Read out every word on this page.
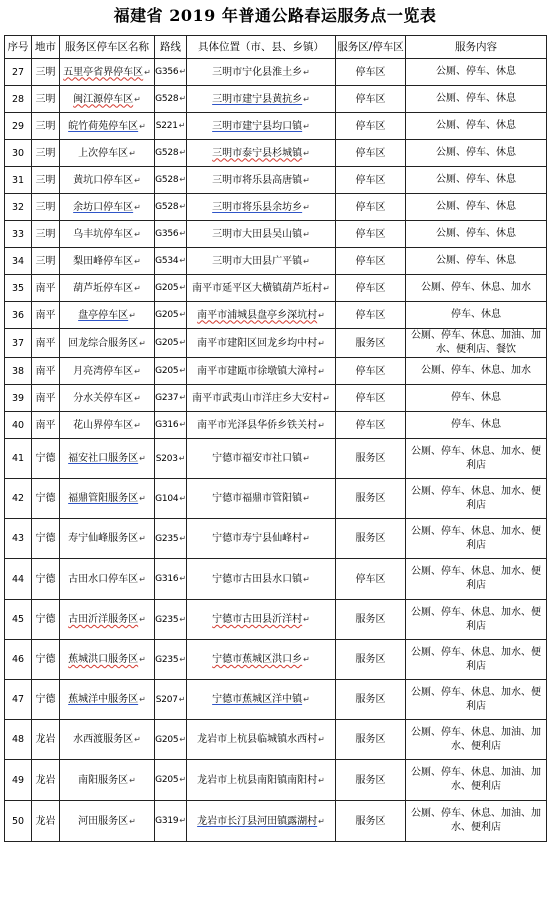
福建省 2019 年普通公路春运服务点一览表
序号	地市	服务区停车区名称	路线	具体位置（市、县、乡镇）	服务区/停车区	服务内容
27	三明	五里亭省界停车区↵	G356↵	三明市宁化县淮土乡↵	停车区	公厕、停车、休息
28	三明	闽江源停车区↵	G528↵	三明市建宁县黄抗乡↵	停车区	公厕、停车、休息
29	三明	皖竹荷苑停车区↵	S221↵	三明市建宁县均口镇↵	停车区	公厕、停车、休息
30	三明	上次停车区↵	G528↵	三明市泰宁县杉城镇↵	停车区	公厕、停车、休息
31	三明	黄坑口停车区↵	G528↵	三明市将乐县高唐镇↵	停车区	公厕、停车、休息
32	三明	余坊口停车区↵	G528↵	三明市将乐县余坊乡↵	停车区	公厕、停车、休息
33	三明	乌丰坑停车区↵	G356↵	三明市大田县吴山镇↵	停车区	公厕、停车、休息
34	三明	梨田峰停车区↵	G534↵	三明市大田县广平镇↵	停车区	公厕、停车、休息
35	南平	葫芦坵停车区↵	G205↵	南平市延平区大横镇葫芦坵村↵	停车区	公厕、停车、休息、加水
36	南平	盘亭停车区↵	G205↵	南平市浦城县盘亭乡深坑村↵	停车区	停车、休息
37	南平	回龙综合服务区↵	G205↵	南平市建阳区回龙乡均中村↵	服务区	公厕、停车、休息、加油、加水、便利店、餐饮
38	南平	月亮湾停车区↵	G205↵	南平市建瓯市徐墩镇大漳村↵	停车区	公厕、停车、休息、加水
39	南平	分水关停车区↵	G237↵	南平市武夷山市洋庄乡大安村↵	停车区	停车、休息
40	南平	花山界停车区↵	G316↵	南平市光泽县华侨乡铁关村↵	停车区	停车、休息
41	宁德	福安社口服务区↵	S203↵	宁德市福安市社口镇↵	服务区	公厕、停车、休息、加水、便利店
42	宁德	福鼎管阳服务区↵	G104↵	宁德市福鼎市管阳镇↵	服务区	公厕、停车、休息、加水、便利店
43	宁德	寿宁仙峰服务区↵	G235↵	宁德市寿宁县仙峰村↵	服务区	公厕、停车、休息、加水、便利店
44	宁德	古田水口停车区↵	G316↵	宁德市古田县水口镇↵	停车区	公厕、停车、休息、加水、便利店
45	宁德	古田沂洋服务区↵	G235↵	宁德市古田县沂洋村↵	服务区	公厕、停车、休息、加水、便利店
46	宁德	蕉城洪口服务区↵	G235↵	宁德市蕉城区洪口乡↵	服务区	公厕、停车、休息、加水、便利店
47	宁德	蕉城洋中服务区↵	S207↵	宁德市蕉城区洋中镇↵	服务区	公厕、停车、休息、加水、便利店
48	龙岩	水西渡服务区↵	G205↵	龙岩市上杭县临城镇水西村↵	服务区	公厕、停车、休息、加油、加水、便利店
49	龙岩	南阳服务区↵	G205↵	龙岩市上杭县南阳镇南阳村↵	服务区	公厕、停车、休息、加油、加水、便利店
50	龙岩	河田服务区↵	G319↵	龙岩市长汀县河田镇露湖村↵	服务区	公厕、停车、休息、加油、加水、便利店
